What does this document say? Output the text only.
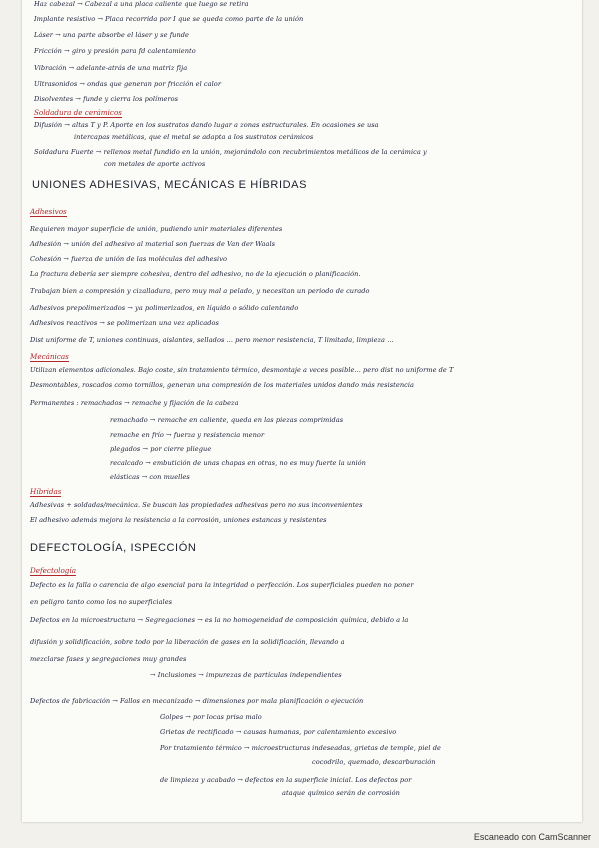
Haz cabezal → Cabezal a una placa caliente que luego se retira
Implante resistivo → Placa recorrida por I que se queda como parte de la unión
Láser → una parte absorbe el láser y se funde
Fricción → giro y presión para fd calentamiento
Vibración → adelante-atrás de una matriz fija
Ultrasonidos → ondas que generan por fricción el calor
Disolventes → funde y cierra los polímeros
Soldadura de cerámicos
Difusión → altas T y P. Aporte en los sustratos dando lugar a zonas estructurales. En ocasiones se usa
intercapas metálicas, que el metal se adapta a los sustratos cerámicos
Soldadura Fuerte → rellenos metal fundido en la unión, mejorándolo con recubrimientos metálicos de la cerámica y
con metales de aporte activos
UNIONES ADHESIVAS, MECÁNICAS E HÍBRIDAS
Adhesivos
Requieren mayor superficie de unión, pudiendo unir materiales diferentes
Adhesión → unión del adhesivo al material son fuerzas de Van der Waals
Cohesión → fuerza de unión de las moléculas del adhesivo
La fractura debería ser siempre cohesiva, dentro del adhesivo, no de la ejecución o planificación.
Trabajan bien a compresión y cizalladura, pero muy mal a pelado, y necesitan un periodo de curado
Adhesivos prepolimerizados → ya polimerizados, en líquido o sólido calentando
Adhesivos reactivos → se polimerizan una vez aplicados
Dist uniforme de T, uniones continuas, aislantes, sellados ... pero menor resistencia, T limitada, limpieza ...
Mecánicas
Utilizan elementos adicionales. Bajo coste, sin tratamiento térmico, desmontaje a veces posible... pero dist no uniforme de T
Desmontables, roscados como tornillos, generan una compresión de los materiales unidos dando más resistencia
Permanentes : remachados → remache y fijación de la cabeza
remachado → remache en caliente, queda en las piezas comprimidas
remache en frío → fuerza y resistencia menor
plegados → por cierre pliegue
recalcado → embutición de unas chapas en otras, no es muy fuerte la unión
elásticas → con muelles
Híbridas
Adhesivas + soldadas/mecánica. Se buscan las propiedades adhesivas pero no sus inconvenientes
El adhesivo además mejora la resistencia a la corrosión, uniones estancas y resistentes
DEFECTOLOGÍA, ISPECCIÓN
Defectología
Defecto es la falla o carencia de algo esencial para la integridad o perfección. Los superficiales pueden no poner
en peligro tanto como los no superficiales
Defectos en la microestructura → Segregaciones → es la no homogeneidad de composición química, debido a la
difusión y solidificación, sobre todo por la liberación de gases en la solidificación, llevando a
mezclarse fases y segregaciones muy grandes
→ Inclusiones → impurezas de partículas independientes
Defectos de fabricación → Fallos en mecanizado → dimensiones por mala planificación o ejecución
Golpes → por locas prisa malo
Grietas de rectificado → causas humanas, por calentamiento excesivo
Por tratamiento térmico → microestructuras indeseadas, grietas de temple, piel de
cocodrilo, quemado, descarburación
de limpieza y acabado → defectos en la superficie inicial. Los defectos por
ataque químico serán de corrosión
Escaneado con CamScanner
